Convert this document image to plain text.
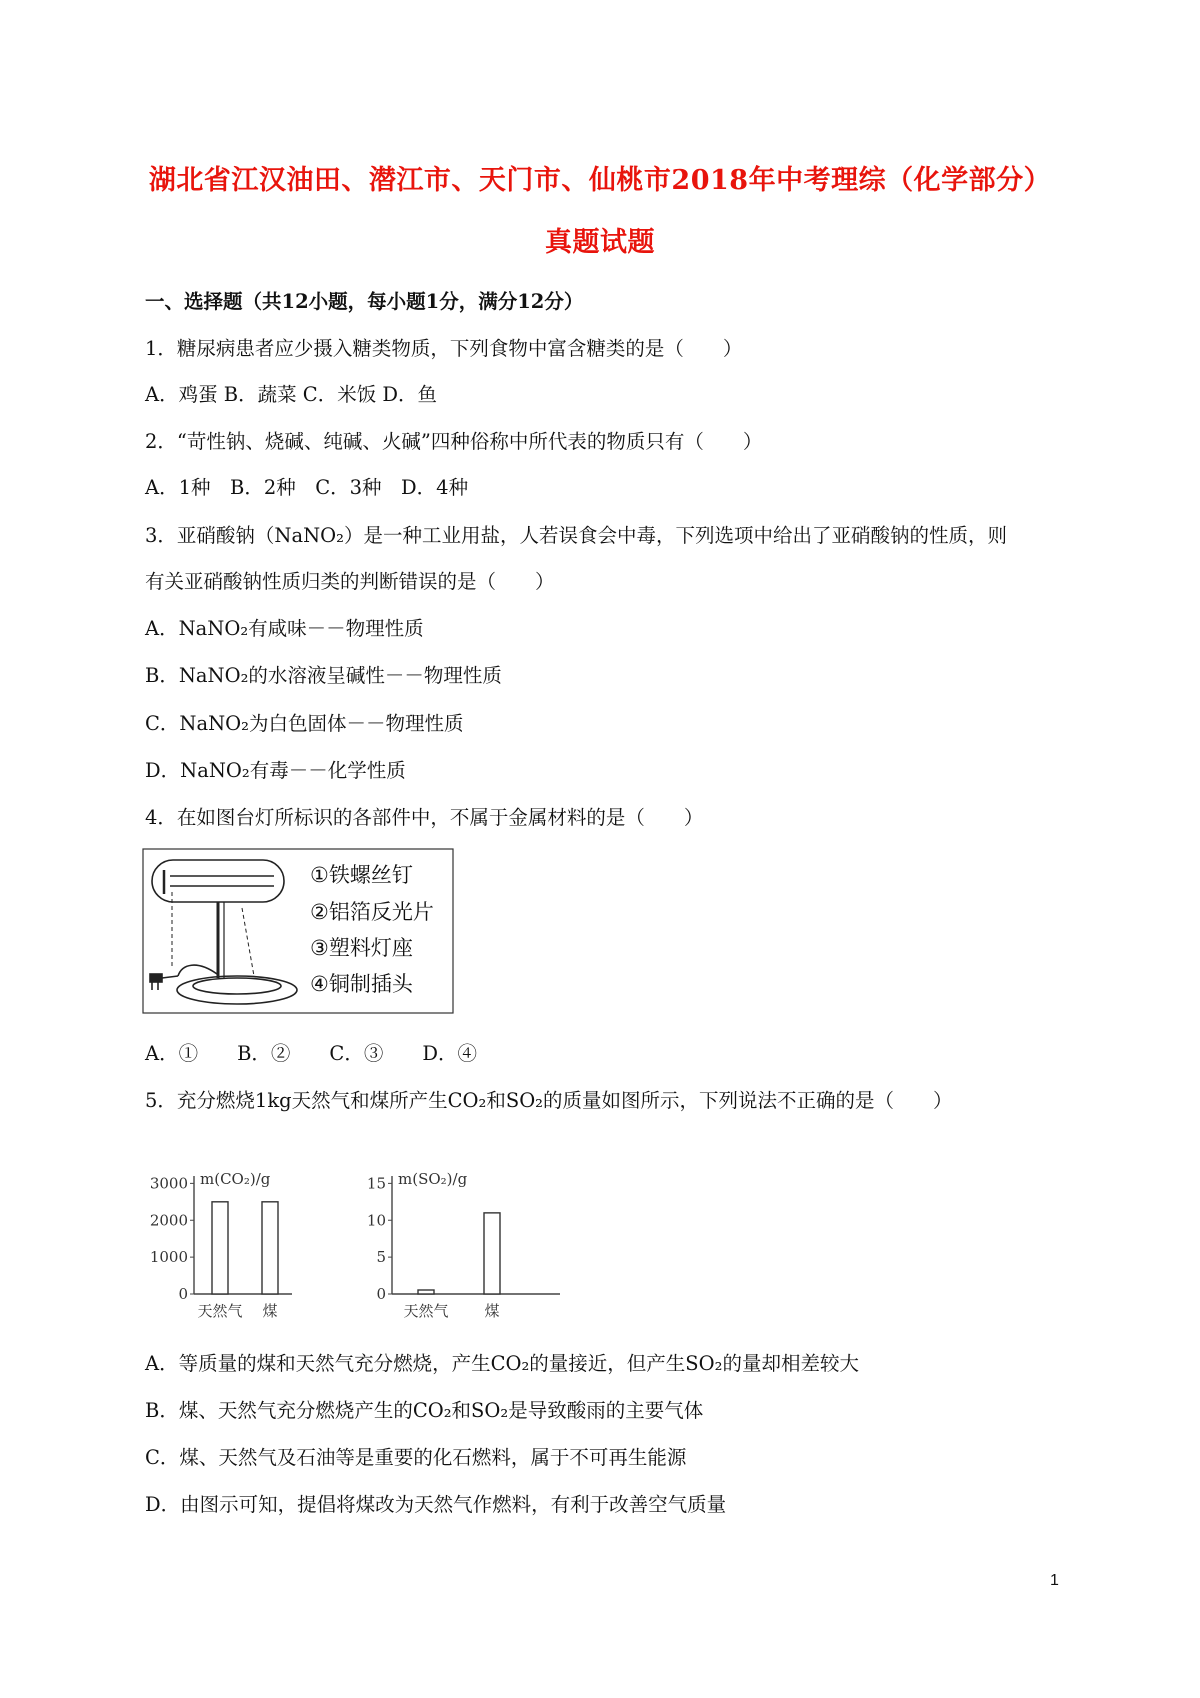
湖北省江汉油田、潜江市、天门市、仙桃市2018年中考理综（化学部分）
真题试题
一、选择题（共12小题，每小题1分，满分12分）
1．糖尿病患者应少摄入糖类物质，下列食物中富含糖类的是（　　）
A．鸡蛋 B．蔬菜 C．米饭 D．鱼
2．“苛性钠、烧碱、纯碱、火碱”四种俗称中所代表的物质只有（　　）
A．1种　B．2种　C．3种　D．4种
3．亚硝酸钠（NaNO₂）是一种工业用盐，人若误食会中毒，下列选项中给出了亚硝酸钠的性质，则
有关亚硝酸钠性质归类的判断错误的是（　　）
A．NaNO₂有咸味－－物理性质
B．NaNO₂的水溶液呈碱性－－物理性质
C．NaNO₂为白色固体－－物理性质
D．NaNO₂有毒－－化学性质
4．在如图台灯所标识的各部件中，不属于金属材料的是（　　）
①铁螺丝钉
②铝箔反光片
③塑料灯座
④铜制插头
A．①　　B．②　　C．③　　D．④
5．充分燃烧1kg天然气和煤所产生CO₂和SO₂的质量如图所示，下列说法不正确的是（　　）
m(CO₂)/g
0
1000
2000
3000
天然气 煤
m(SO₂)/g
0
5
10
15
天然气 煤
A．等质量的煤和天然气充分燃烧，产生CO₂的量接近，但产生SO₂的量却相差较大
B．煤、天然气充分燃烧产生的CO₂和SO₂是导致酸雨的主要气体
C．煤、天然气及石油等是重要的化石燃料，属于不可再生能源
D．由图示可知，提倡将煤改为天然气作燃料，有利于改善空气质量
1
